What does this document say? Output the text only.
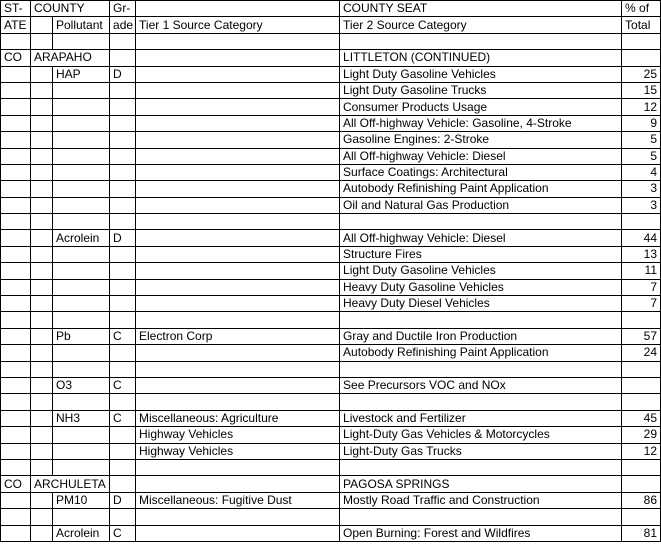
ST-	COUNTY		Gr-		COUNTY SEAT	% of
ATE		Pollutant	ade	Tier 1 Source Category	Tier 2 Source Category	Total

CO	ARAPAHO				LITTLETON (CONTINUED)	
		HAP	D		Light Duty Gasoline Vehicles	25
					Light Duty Gasoline Trucks	15
					Consumer Products Usage	12
					All Off-highway Vehicle: Gasoline, 4-Stroke	9
					Gasoline Engines: 2-Stroke	5
					All Off-highway Vehicle: Diesel	5
					Surface Coatings: Architectural	4
					Autobody Refinishing Paint Application	3
					Oil and Natural Gas Production	3

		Acrolein	D		All Off-highway Vehicle: Diesel	44
					Structure Fires	13
					Light Duty Gasoline Vehicles	11
					Heavy Duty Gasoline Vehicles	7
					Heavy Duty Diesel Vehicles	7

		Pb	C	Electron Corp	Gray and Ductile Iron Production	57
					Autobody Refinishing Paint Application	24

		O3	C		See Precursors VOC and NOx	

		NH3	C	Miscellaneous: Agriculture	Livestock and Fertilizer	45
				Highway Vehicles	Light-Duty Gas Vehicles & Motorcycles	29
				Highway Vehicles	Light-Duty Gas Trucks	12

CO	ARCHULETA				PAGOSA SPRINGS	
		PM10	D	Miscellaneous: Fugitive Dust	Mostly Road Traffic and Construction	86

		Acrolein	C		Open Burning: Forest and Wildfires	81
